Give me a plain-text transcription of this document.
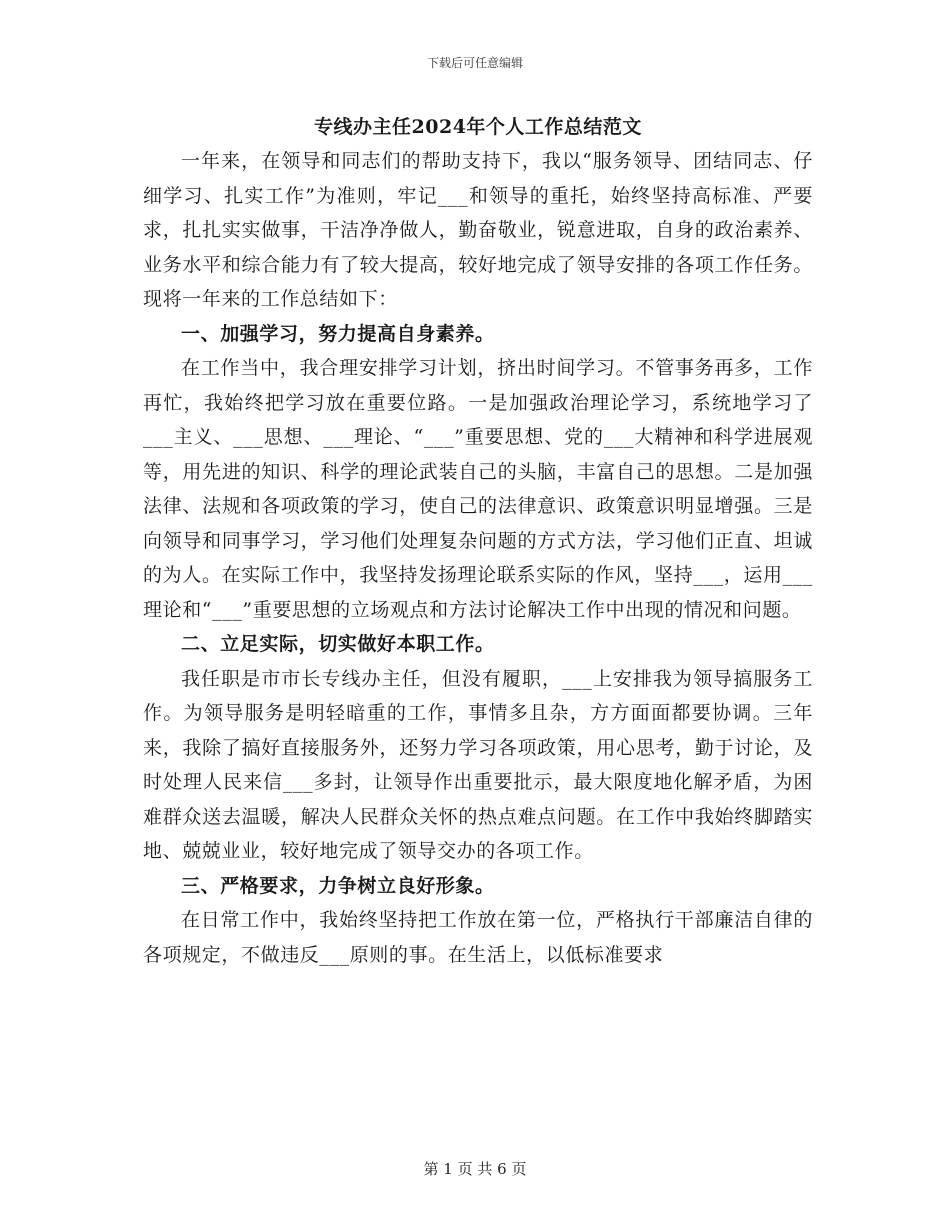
下载后可任意编辑
专线办主任2024年个人工作总结范文

一年来，在领导和同志们的帮助支持下，我以“服务领导、团结同志、仔细学习、扎实工作”为准则，牢记___和领导的重托，始终坚持高标准、严要求，扎扎实实做事，干洁净净做人，勤奋敬业，锐意进取，自身的政治素养、业务水平和综合能力有了较大提高，较好地完成了领导安排的各项工作任务。现将一年来的工作总结如下：

一、加强学习，努力提高自身素养。

在工作当中，我合理安排学习计划，挤出时间学习。不管事务再多，工作再忙，我始终把学习放在重要位路。一是加强政治理论学习，系统地学习了___主义、___思想、___理论、“___”重要思想、党的___大精神和科学进展观等，用先进的知识、科学的理论武装自己的头脑，丰富自己的思想。二是加强法律、法规和各项政策的学习，使自己的法律意识、政策意识明显增强。三是向领导和同事学习，学习他们处理复杂问题的方式方法，学习他们正直、坦诚的为人。在实际工作中，我坚持发扬理论联系实际的作风，坚持___，运用___理论和“___”重要思想的立场观点和方法讨论解决工作中出现的情况和问题。

二、立足实际，切实做好本职工作。

我任职是市市长专线办主任，但没有履职，___上安排我为领导搞服务工作。为领导服务是明轻暗重的工作，事情多且杂，方方面面都要协调。三年来，我除了搞好直接服务外，还努力学习各项政策，用心思考，勤于讨论，及时处理人民来信___多封，让领导作出重要批示，最大限度地化解矛盾，为困难群众送去温暖，解决人民群众关怀的热点难点问题。在工作中我始终脚踏实地、兢兢业业，较好地完成了领导交办的各项工作。

三、严格要求，力争树立良好形象。

在日常工作中，我始终坚持把工作放在第一位，严格执行干部廉洁自律的各项规定，不做违反___原则的事。在生活上，以低标准要求

第 1 页 共 6 页
